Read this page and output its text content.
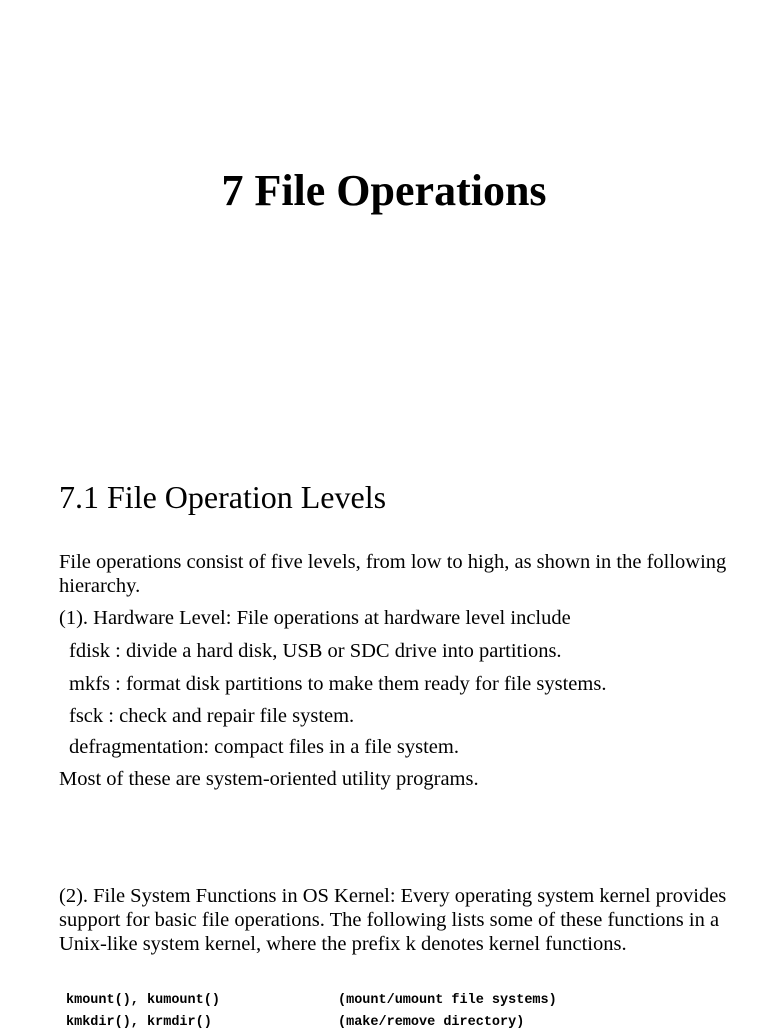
7 File Operations
7.1 File Operation Levels

File operations consist of five levels, from low to high, as shown in the following hierarchy.

(1). Hardware Level: File operations at hardware level include

fdisk : divide a hard disk, USB or SDC drive into partitions.

mkfs : format disk partitions to make them ready for file systems.

fsck : check and repair file system.

defragmentation: compact files in a file system.

Most of these are system-oriented utility programs.

(2). File System Functions in OS Kernel: Every operating system kernel provides support for basic file operations. The following lists some of these functions in a Unix-like system kernel, where the prefix k denotes kernel functions.

kmount(), kumount()	(mount/umount file systems)
kmkdir(), krmdir()	(make/remove directory)
